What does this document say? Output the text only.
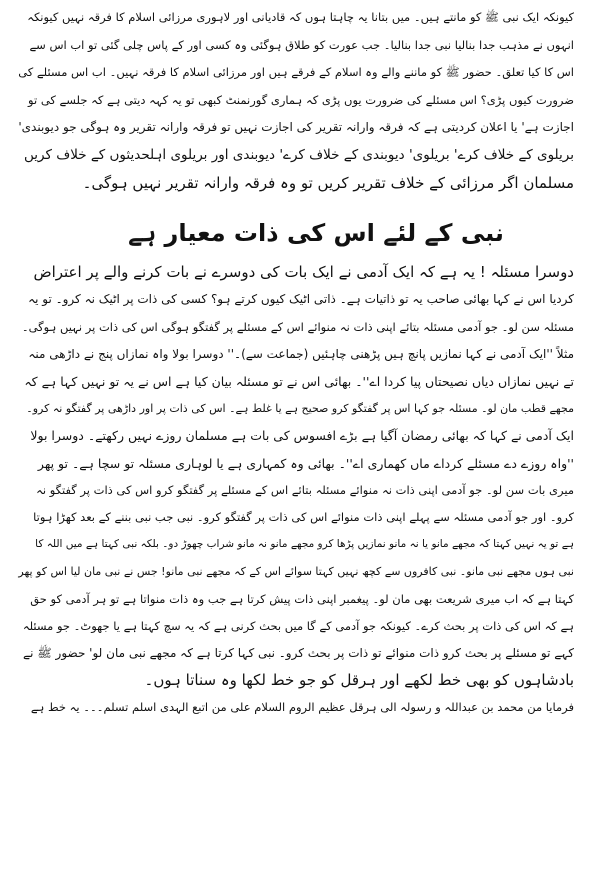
کیونکہ ایک نبی ﷺ کو مانتے ہیں۔ میں بتانا یہ چاہتا ہوں کہ قادیانی اور لاہوری مرزائی اسلام کا فرقہ نہیں کیونکہ

انہوں نے مذہب جدا بنالیا نبی جدا بنالیا۔ جب عورت کو طلاق ہوگئی وہ کسی اور کے پاس چلی گئی تو اب اس سے

اس کا کیا تعلق۔ حضور ﷺ کو ماننے والے وہ اسلام کے فرقے ہیں اور مرزائی اسلام کا فرقہ نہیں۔ اب اس مسئلے کی

ضرورت کیوں پڑی؟ اس مسئلے کی ضرورت یوں پڑی کہ ہماری گورنمنٹ کبھی تو یہ کہہ دیتی ہے کہ جلسے کی تو

اجازت ہے' یا اعلان کردیتی ہے کہ فرقہ وارانہ تقریر کی اجازت نہیں تو فرقہ وارانہ تقریر وہ ہوگی جو دیوبندی'

بریلوی کے خلاف کرے' بریلوی' دیوبندی کے خلاف کرے' دیوبندی اور بریلوی اہلحدیثوں کے خلاف کریں

مسلمان اگر مرزائی کے خلاف تقریر کریں تو وہ فرقہ وارانہ تقریر نہیں ہوگی۔

نبی کے لئے اس کی ذات معیار ہے

دوسرا مسئلہ ! یہ ہے کہ ایک آدمی نے ایک بات کی دوسرے نے بات کرنے والے پر اعتراض

کردیا اس نے کہا بھائی صاحب یہ تو ذاتیات ہے۔ ذاتی اٹیک کیوں کرتے ہو؟ کسی کی ذات پر اٹیک نہ کرو۔ تو یہ

مسئلہ سن لو۔ جو آدمی مسئلہ بتائے اپنی ذات نہ منوائے اس کے مسئلے پر گفتگو ہوگی اس کی ذات پر نہیں ہوگی۔

مثلاً ''ایک آدمی نے کہا نمازیں پانچ ہیں پڑھنی چاہئیں (جماعت سے)۔'' دوسرا بولا واہ نمازاں پنج نے داڑھی منہ

تے نہیں نمازاں دیاں نصیحتاں پیا کردا اے''۔ بھائی اس نے تو مسئلہ بیان کیا ہے اس نے یہ تو نہیں کہا ہے کہ

مجھے قطب مان لو۔ مسئلہ جو کہا اس پر گفتگو کرو صحیح ہے یا غلط ہے۔ اس کی ذات پر اور داڑھی پر گفتگو نہ کرو۔

ایک آدمی نے کہا کہ بھائی رمضان آگیا ہے بڑے افسوس کی بات ہے مسلمان روزے نہیں رکھتے۔ دوسرا بولا

''واہ روزے دے مسئلے کرداے ماں کھماری اے''۔ بھائی وہ کمہاری ہے یا لوہاری مسئلہ تو سچا ہے۔ تو پھر

میری بات سن لو۔ جو آدمی اپنی ذات نہ منوائے مسئلہ بتائے اس کے مسئلے پر گفتگو کرو اس کی ذات پر گفتگو نہ

کرو۔ اور جو آدمی مسئلہ سے پہلے اپنی ذات منوائے اس کی ذات پر گفتگو کرو۔ نبی جب نبی بننے کے بعد کھڑا ہوتا

ہے تو یہ نہیں کہتا کہ مجھے مانو یا نہ مانو نمازیں پڑھا کرو مجھے مانو نہ مانو شراب چھوڑ دو۔ بلکہ نبی کہتا ہے میں اللہ کا

نبی ہوں مجھے نبی مانو۔ نبی کافروں سے کچھ نہیں کہتا سوائے اس کے کہ مجھے نبی مانو! جس نے نبی مان لیا اس کو پھر

کہتا ہے کہ اب میری شریعت بھی مان لو۔ پیغمبر اپنی ذات پیش کرتا ہے جب وہ ذات منواتا ہے تو ہر آدمی کو حق

ہے کہ اس کی ذات پر بحث کرے۔ کیونکہ جو آدمی کے گا میں بحث کرنی ہے کہ یہ سچ کہتا ہے یا جھوٹ۔ جو مسئلہ

کہے تو مسئلے پر بحث کرو ذات منوائے تو ذات پر بحث کرو۔ نبی کہا کرتا ہے کہ مجھے نبی مان لو' حضور ﷺ نے

بادشاہوں کو بھی خط لکھے اور ہرقل کو جو خط لکھا وہ سناتا ہوں۔

فرمایا من محمد بن عبداللہ و رسولہ الی ہرقل عظیم الروم السلام علی من اتبع الہدی اسلم تسلم۔۔۔ یہ خط ہے
